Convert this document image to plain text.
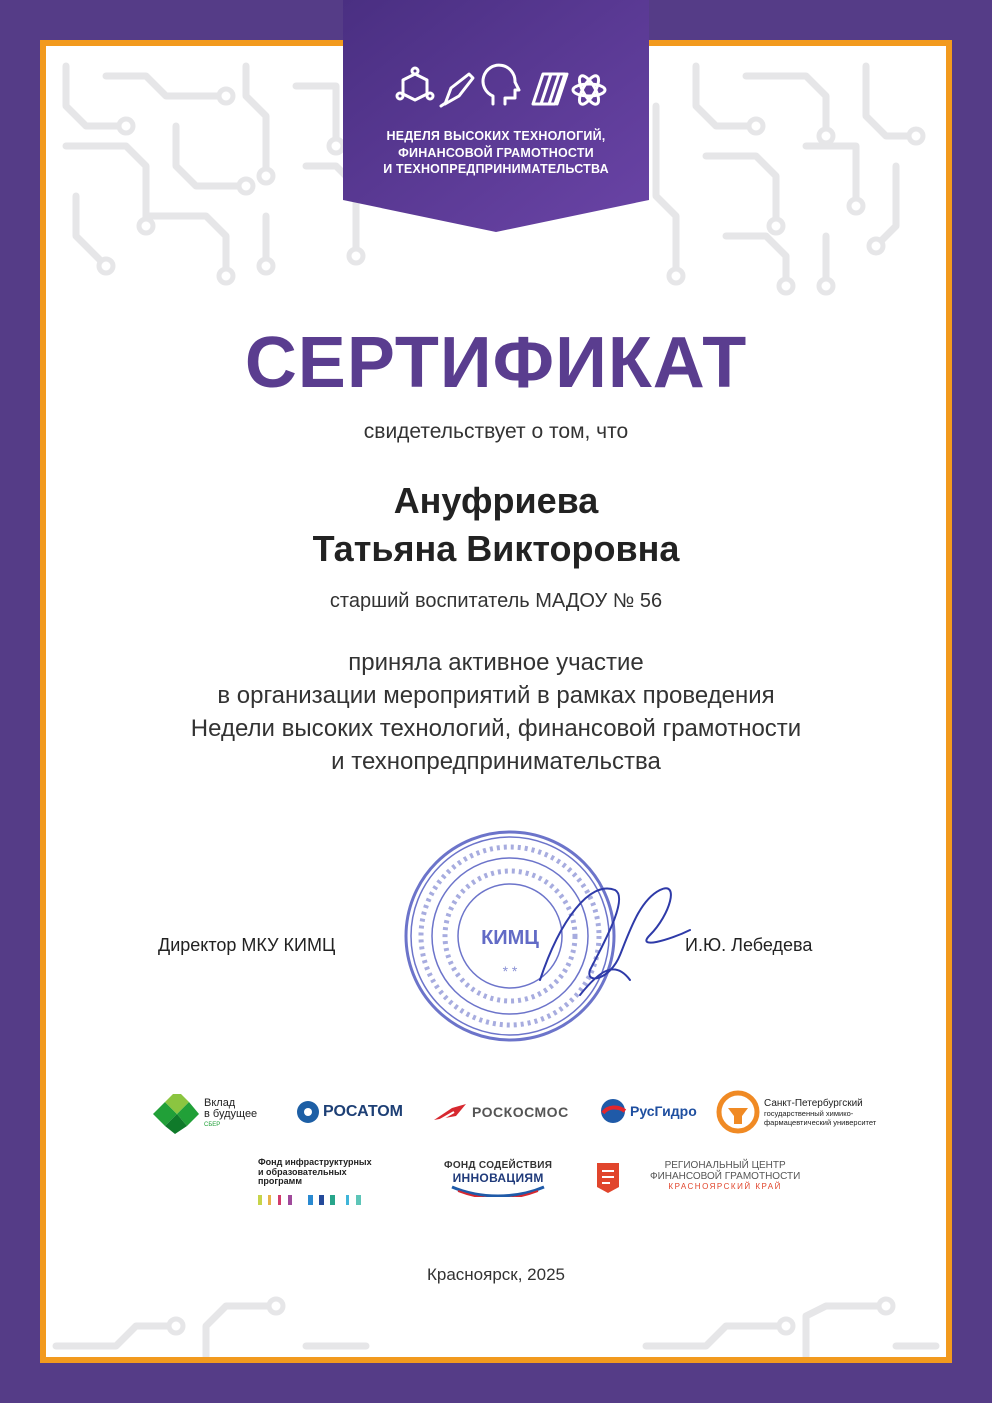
НЕДЕЛЯ ВЫСОКИХ ТЕХНОЛОГИЙ,
ФИНАНСОВОЙ ГРАМОТНОСТИ
И ТЕХНОПРЕДПРИНИМАТЕЛЬСТВА
СЕРТИФИКАТ
свидетельствует о том, что
Ануфриева
Татьяна Викторовна
старший воспитатель МАДОУ № 56
приняла активное участие
в организации мероприятий в рамках проведения
Недели высоких технологий, финансовой грамотности
и технопредпринимательства
КИМЦ
* *
Директор МКУ КИМЦ	И.Ю. Лебедева
Вклад
в будущее
СБЕР
РОСАТОМ	РОСКОСМОС	РусГидро	Санкт-Петербургский
государственный химико-
фармацевтический университет
Фонд инфраструктурных
и образовательных
программ
ФОНД СОДЕЙСТВИЯ
ИННОВАЦИЯМ
РЕГИОНАЛЬНЫЙ ЦЕНТР
ФИНАНСОВОЙ ГРАМОТНОСТИ
КРАСНОЯРСКИЙ КРАЙ
Красноярск, 2025
